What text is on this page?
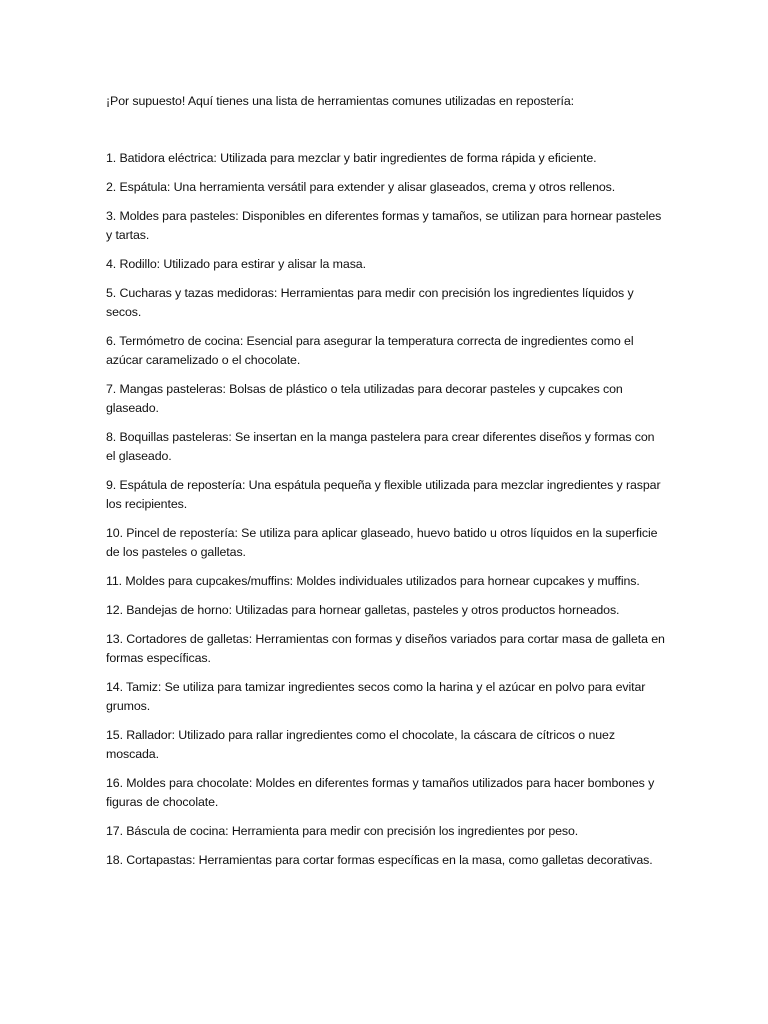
¡Por supuesto! Aquí tienes una lista de herramientas comunes utilizadas en repostería:

1. Batidora eléctrica: Utilizada para mezclar y batir ingredientes de forma rápida y eficiente.
2. Espátula: Una herramienta versátil para extender y alisar glaseados, crema y otros rellenos.
3. Moldes para pasteles: Disponibles en diferentes formas y tamaños, se utilizan para hornear pasteles y tartas.
4. Rodillo: Utilizado para estirar y alisar la masa.
5. Cucharas y tazas medidoras: Herramientas para medir con precisión los ingredientes líquidos y secos.
6. Termómetro de cocina: Esencial para asegurar la temperatura correcta de ingredientes como el azúcar caramelizado o el chocolate.
7. Mangas pasteleras: Bolsas de plástico o tela utilizadas para decorar pasteles y cupcakes con glaseado.
8. Boquillas pasteleras: Se insertan en la manga pastelera para crear diferentes diseños y formas con el glaseado.
9. Espátula de repostería: Una espátula pequeña y flexible utilizada para mezclar ingredientes y raspar los recipientes.
10. Pincel de repostería: Se utiliza para aplicar glaseado, huevo batido u otros líquidos en la superficie de los pasteles o galletas.
11. Moldes para cupcakes/muffins: Moldes individuales utilizados para hornear cupcakes y muffins.
12. Bandejas de horno: Utilizadas para hornear galletas, pasteles y otros productos horneados.
13. Cortadores de galletas: Herramientas con formas y diseños variados para cortar masa de galleta en formas específicas.
14. Tamiz: Se utiliza para tamizar ingredientes secos como la harina y el azúcar en polvo para evitar grumos.
15. Rallador: Utilizado para rallar ingredientes como el chocolate, la cáscara de cítricos o nuez moscada.
16. Moldes para chocolate: Moldes en diferentes formas y tamaños utilizados para hacer bombones y figuras de chocolate.
17. Báscula de cocina: Herramienta para medir con precisión los ingredientes por peso.
18. Cortapastas: Herramientas para cortar formas específicas en la masa, como galletas decorativas.
